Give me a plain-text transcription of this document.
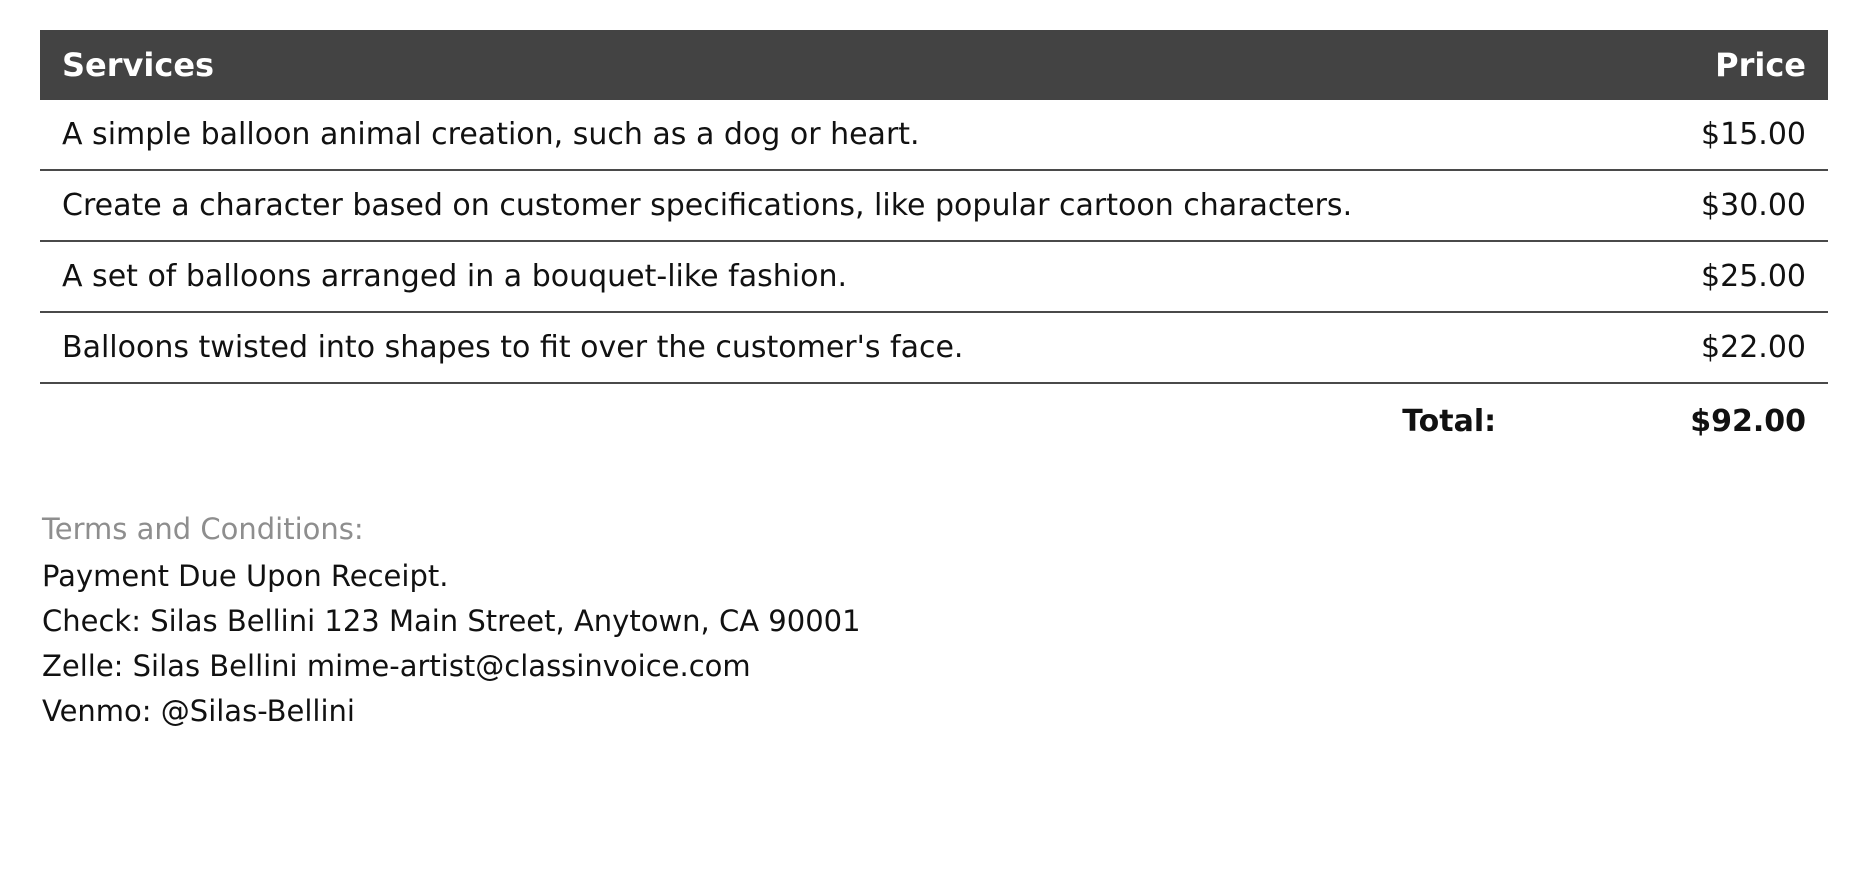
Services	Price
A simple balloon animal creation, such as a dog or heart.	$15.00
Create a character based on customer specifications, like popular cartoon characters.	$30.00
A set of balloons arranged in a bouquet-like fashion.	$25.00
Balloons twisted into shapes to fit over the customer's face.	$22.00
Total:	$92.00
Terms and Conditions:
Payment Due Upon Receipt.
Check: Silas Bellini 123 Main Street, Anytown, CA 90001
Zelle: Silas Bellini mime-artist@classinvoice.com
Venmo: @Silas-Bellini
